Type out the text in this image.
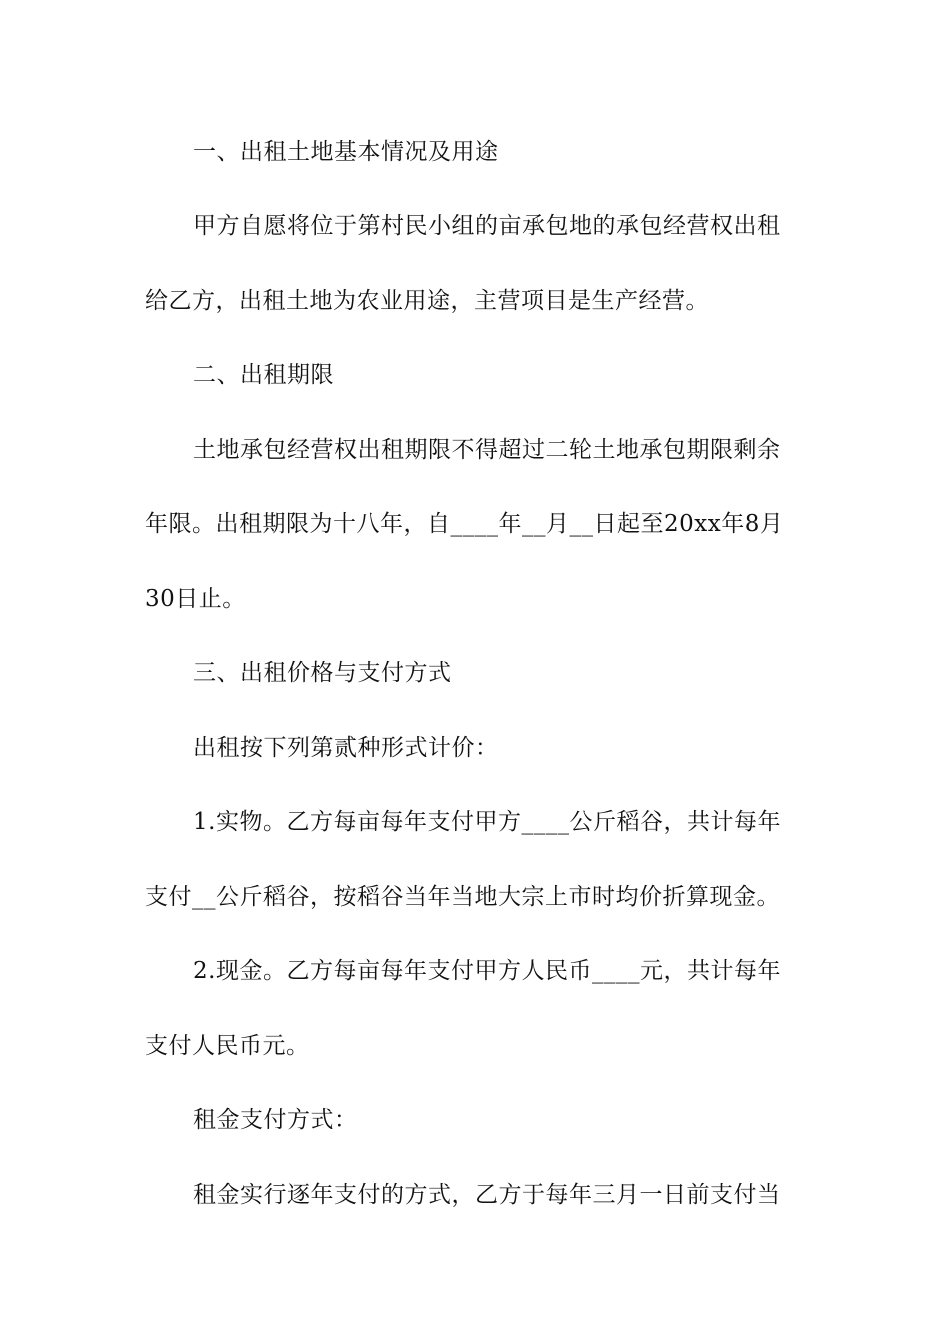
一、出租土地基本情况及用途
甲方自愿将位于第村民小组的亩承包地的承包经营权出租
给乙方，出租土地为农业用途，主营项目是生产经营。
二、出租期限
土地承包经营权出租期限不得超过二轮土地承包期限剩余
年限。出租期限为十八年，自____年__月__日起至20xx年8月
30日止。
三、出租价格与支付方式
出租按下列第贰种形式计价：
1.实物。乙方每亩每年支付甲方____公斤稻谷，共计每年
支付__公斤稻谷，按稻谷当年当地大宗上市时均价折算现金。
2.现金。乙方每亩每年支付甲方人民币____元，共计每年
支付人民币元。
租金支付方式：
租金实行逐年支付的方式，乙方于每年三月一日前支付当
